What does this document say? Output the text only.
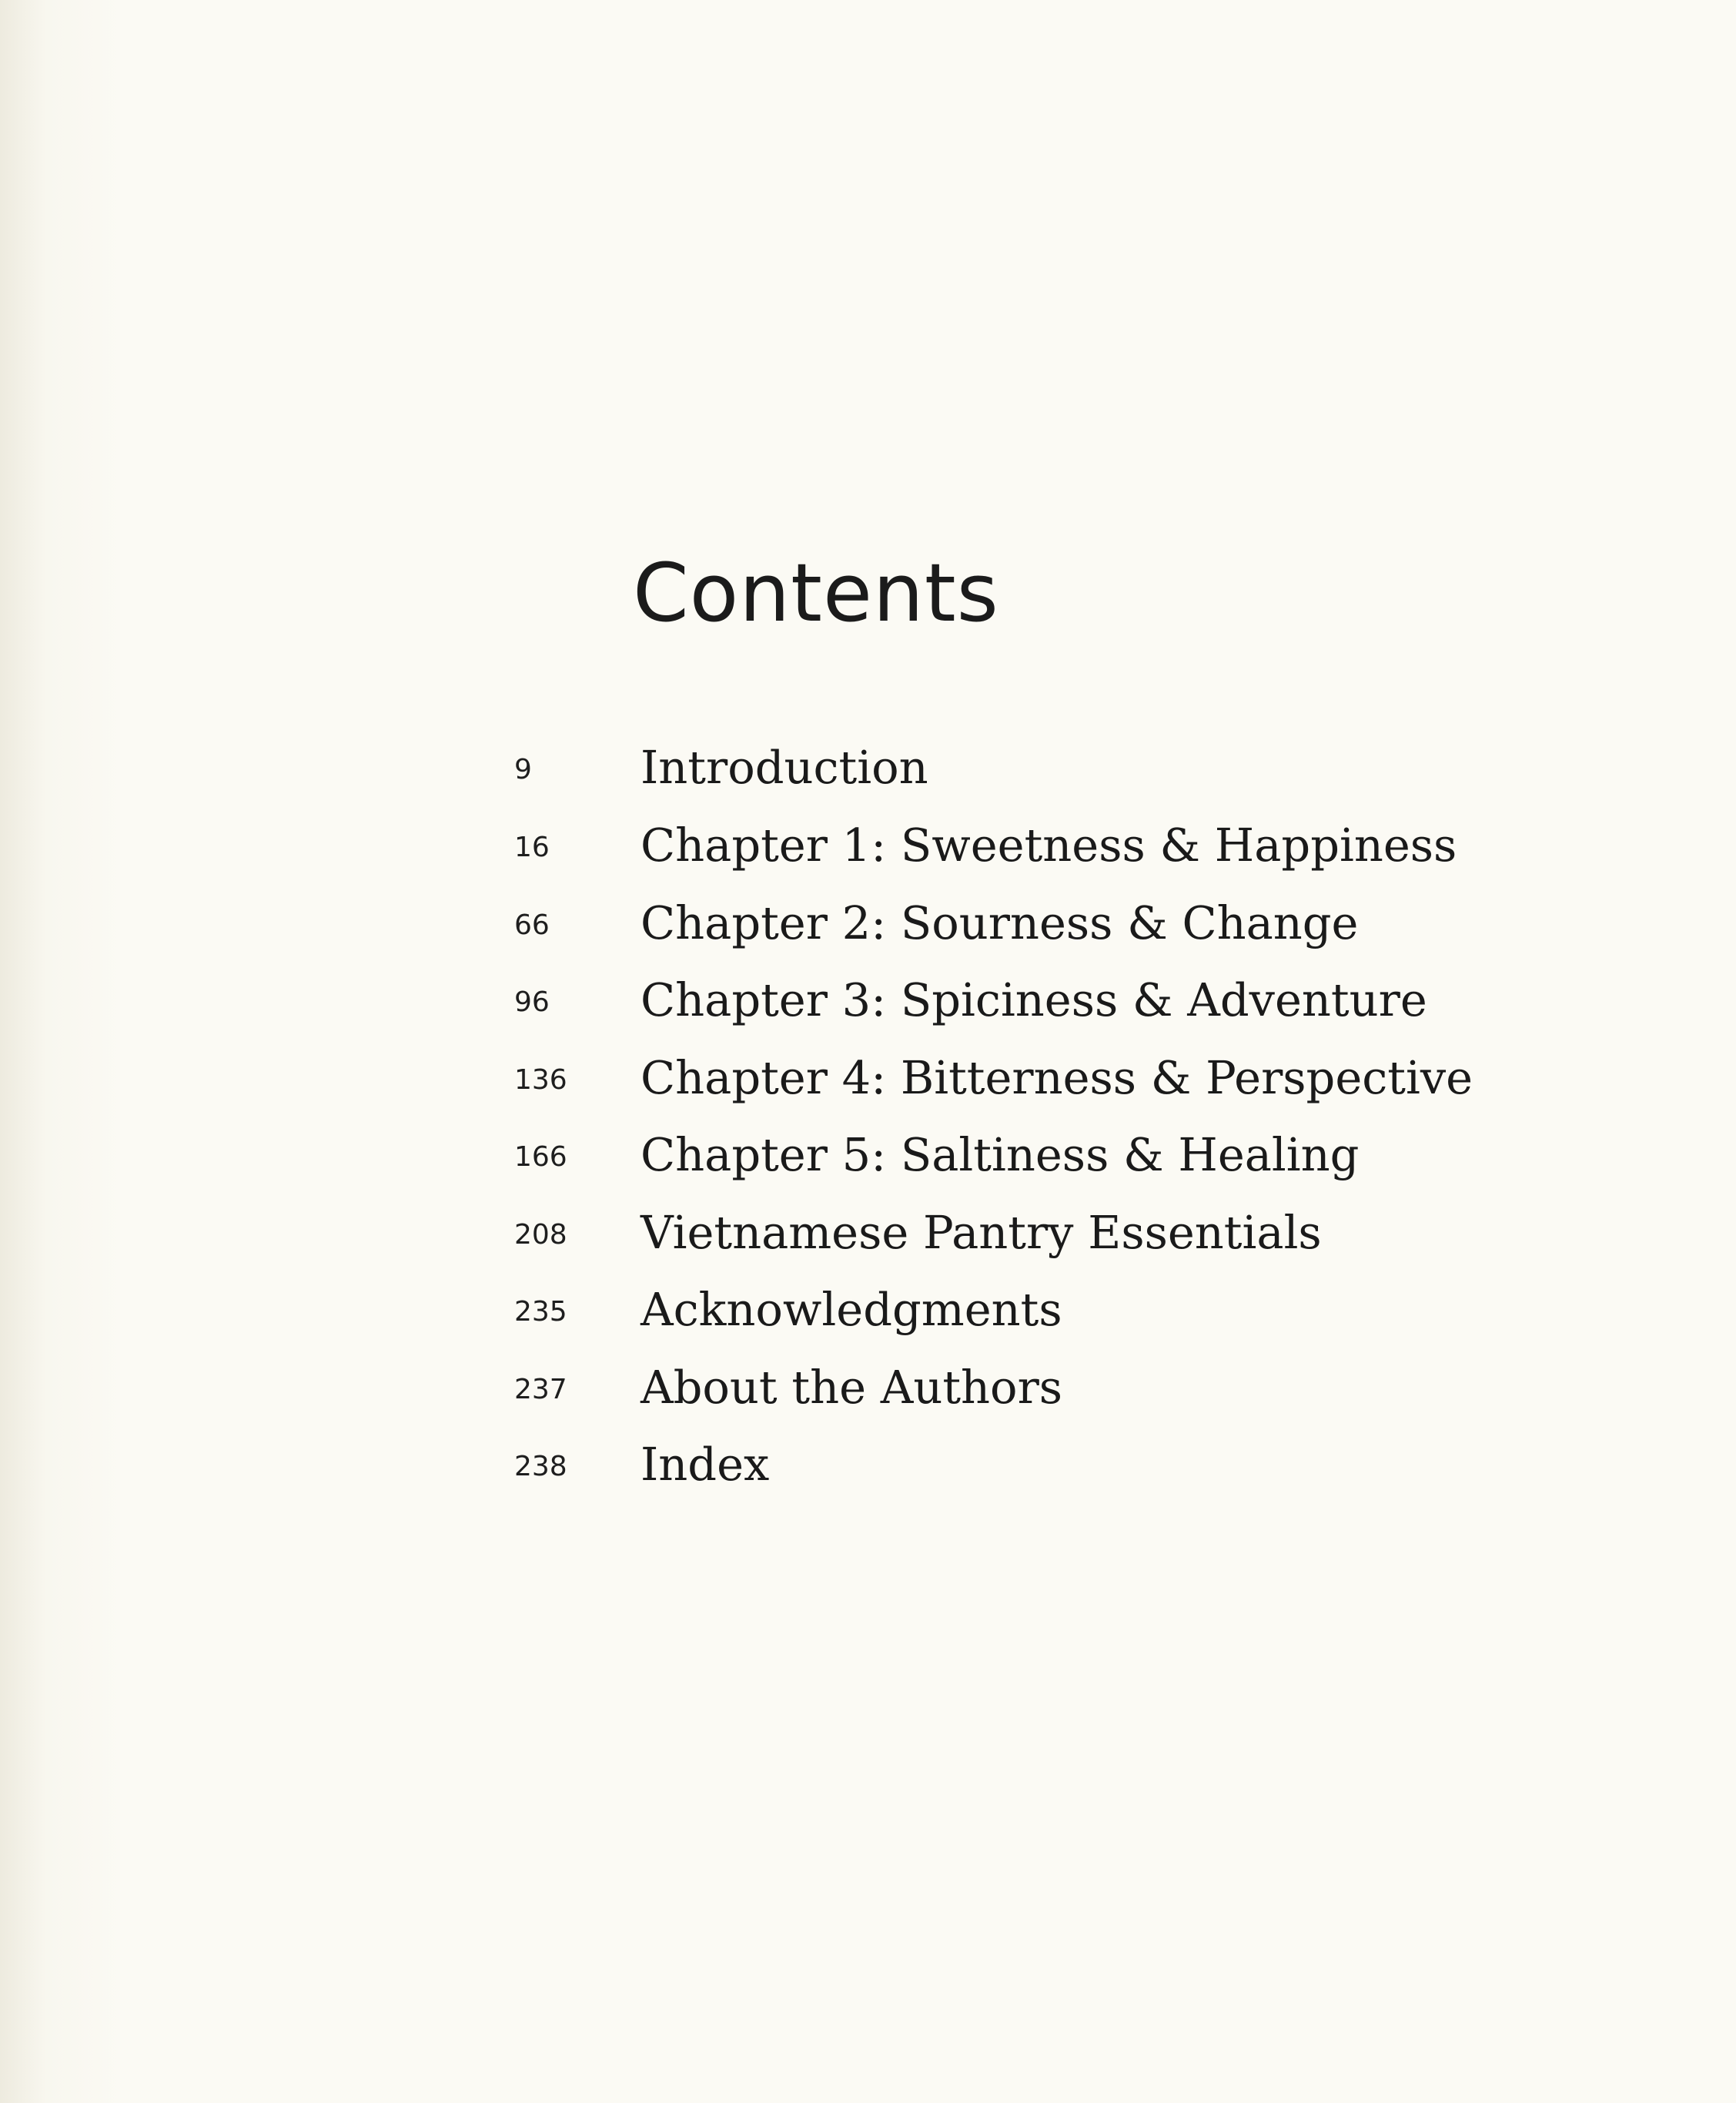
Contents
9 Introduction
16 Chapter 1: Sweetness & Happiness
66 Chapter 2: Sourness & Change
96 Chapter 3: Spiciness & Adventure
136 Chapter 4: Bitterness & Perspective
166 Chapter 5: Saltiness & Healing
208 Vietnamese Pantry Essentials
235 Acknowledgments
237 About the Authors
238 Index
